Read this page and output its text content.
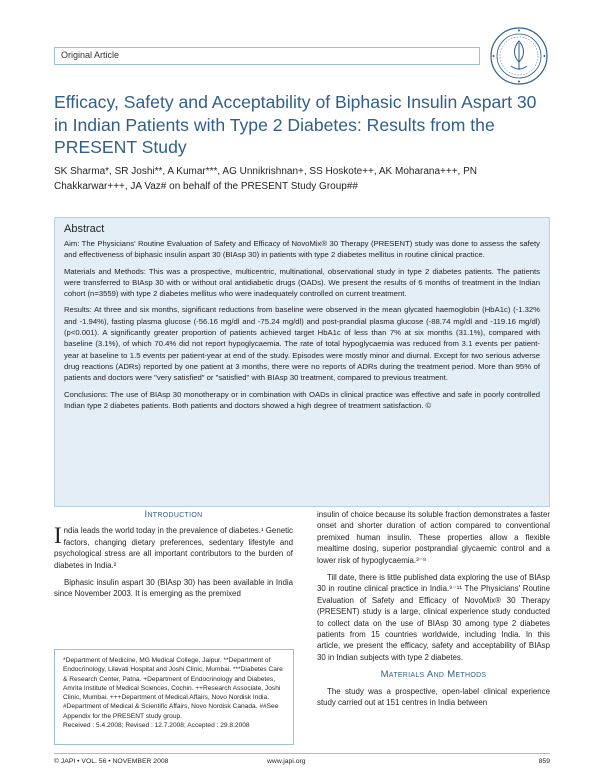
Original Article
Efficacy, Safety and Acceptability of Biphasic Insulin Aspart 30 in Indian Patients with Type 2 Diabetes: Results from the PRESENT Study
SK Sharma*, SR Joshi**, A Kumar***, AG Unnikrishnan+, SS Hoskote++, AK Moharana+++, PN Chakkarwar+++, JA Vaz# on behalf of the PRESENT Study Group##
Abstract

Aim: The Physicians' Routine Evaluation of Safety and Efficacy of NovoMix® 30 Therapy (PRESENT) study was done to assess the safety and effectiveness of biphasic insulin aspart 30 (BIAsp 30) in patients with type 2 diabetes mellitus in routine clinical practice.

Materials and Methods: This was a prospective, multicentric, multinational, observational study in type 2 diabetes patients. The patients were transferred to BIAsp 30 with or without oral antidiabetic drugs (OADs). We present the results of 6 months of treatment in the Indian cohort (n=3559) with type 2 diabetes mellitus who were inadequately controlled on current treatment.

Results: At three and six months, significant reductions from baseline were observed in the mean glycated haemoglobin (HbA1c) (-1.32% and -1.94%), fasting plasma glucose (-56.16 mg/dl and -75.24 mg/dl) and post-prandial plasma glucose (-88.74 mg/dl and -119.16 mg/dl) (p<0.001). A significantly greater proportion of patients achieved target HbA1c of less than 7% at six months (31.1%), compared with baseline (3.1%), of which 70.4% did not report hypoglycaemia. The rate of total hypoglycaemia was reduced from 3.1 events per patient-year at baseline to 1.5 events per patient-year at end of the study. Episodes were mostly minor and diurnal. Except for two serious adverse drug reactions (ADRs) reported by one patient at 3 months, there were no reports of ADRs during the treatment period. More than 95% of patients and doctors were "very satisfied" or "satisfied" with BIAsp 30 treatment, compared to previous treatment.

Conclusions: The use of BIAsp 30 monotherapy or in combination with OADs in clinical practice was effective and safe in poorly controlled Indian type 2 diabetes patients. Both patients and doctors showed a high degree of treatment satisfaction. ©

Introduction

India leads the world today in the prevalence of diabetes.¹ Genetic factors, changing dietary preferences, sedentary lifestyle and psychological stress are all important contributors to the burden of diabetes in India.²

Biphasic insulin aspart 30 (BIAsp 30) has been available in India since November 2003. It is emerging as the premixed

*Department of Medicine, MG Medical College, Jaipur. **Department of Endocrinology, Lilavati Hospital and Joshi Clinic, Mumbai. ***Diabetes Care & Research Center, Patna. +Department of Endocrinology and Diabetes, Amrita Institute of Medical Sciences, Cochin. ++Research Associate, Joshi Clinic, Mumbai. +++Department of Medical Affairs, Novo Nordisk India. #Department of Medical & Scientific Affairs, Novo Nordisk Canada. ##See Appendix for the PRESENT study group.

Received : 5.4.2008; Revised : 12.7.2008; Accepted : 29.8.2008

insulin of choice because its soluble fraction demonstrates a faster onset and shorter duration of action compared to conventional premixed human insulin. These properties allow a flexible mealtime dosing, superior postprandial glycaemic control and a lower risk of hypoglycaemia.³⁻⁸

Till date, there is little published data exploring the use of BIAsp 30 in routine clinical practice in India.⁹⁻¹¹ The Physicians' Routine Evaluation of Safety and Efficacy of NovoMix® 30 Therapy (PRESENT) study is a large, clinical experience study conducted to collect data on the use of BIAsp 30 among type 2 diabetes patients from 15 countries worldwide, including India. In this article, we present the efficacy, safety and acceptability of BIAsp 30 in Indian subjects with type 2 diabetes.

Materials And Methods

The study was a prospective, open-label clinical experience study carried out at 151 centres in India between

© JAPI • VOL. 56 • NOVEMBER 2008	www.japi.org	859
